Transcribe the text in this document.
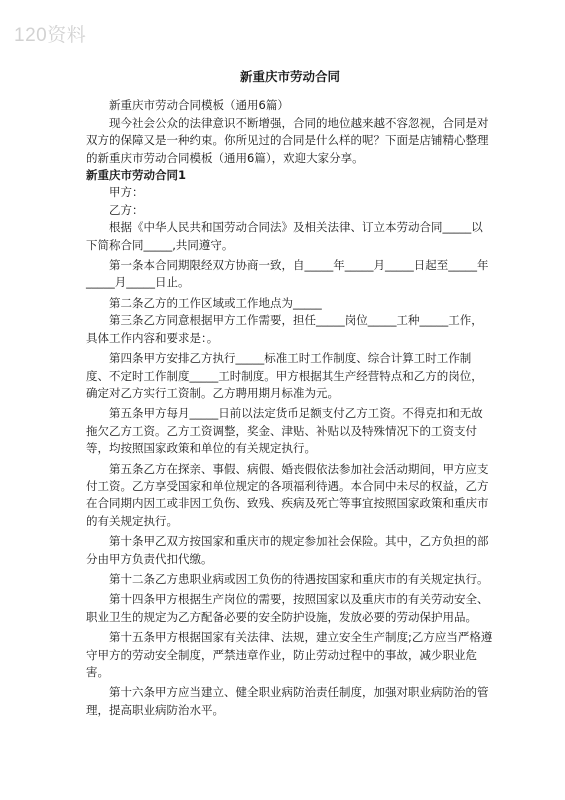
120资料
新重庆市劳动合同

新重庆市劳动合同模板（通用6篇）

现今社会公众的法律意识不断增强，合同的地位越来越不容忽视，合同是对双方的保障又是一种约束。你所见过的合同是什么样的呢？下面是店铺精心整理的新重庆市劳动合同模板（通用6篇），欢迎大家分享。

新重庆市劳动合同1

甲方：

乙方：

根据《中华人民共和国劳动合同法》及相关法律、订立本劳动合同_____以下简称合同_____,共同遵守。

第一条本合同期限经双方协商一致，自_____年_____月_____日起至_____年_____月_____日止。

第二条乙方的工作区域或工作地点为_____

第三条乙方同意根据甲方工作需要，担任_____岗位_____工种_____工作，具体工作内容和要求是：。

第四条甲方安排乙方执行_____标准工时工作制度、综合计算工时工作制度、不定时工作制度_____工时制度。甲方根据其生产经营特点和乙方的岗位，确定对乙方实行工资制。乙方聘用期月标准为元。

第五条甲方每月_____日前以法定货币足额支付乙方工资。不得克扣和无故拖欠乙方工资。乙方工资调整，奖金、津贴、补贴以及特殊情况下的工资支付等，均按照国家政策和单位的有关规定执行。

第五条乙方在探亲、事假、病假、婚丧假依法参加社会活动期间，甲方应支付工资。乙方享受国家和单位规定的各项福利待遇。本合同中未尽的权益，乙方在合同期内因工或非因工负伤、致残、疾病及死亡等事宜按照国家政策和重庆市的有关规定执行。

第十条甲乙双方按国家和重庆市的规定参加社会保险。其中，乙方负担的部分由甲方负责代扣代缴。

第十二条乙方患职业病或因工负伤的待遇按国家和重庆市的有关规定执行。

第十四条甲方根据生产岗位的需要，按照国家以及重庆市的有关劳动安全、职业卫生的规定为乙方配备必要的安全防护设施，发放必要的劳动保护用品。

第十五条甲方根据国家有关法律、法规，建立安全生产制度;乙方应当严格遵守甲方的劳动安全制度，严禁违章作业，防止劳动过程中的事故，减少职业危害。

第十六条甲方应当建立、健全职业病防治责任制度，加强对职业病防治的管理，提高职业病防治水平。
